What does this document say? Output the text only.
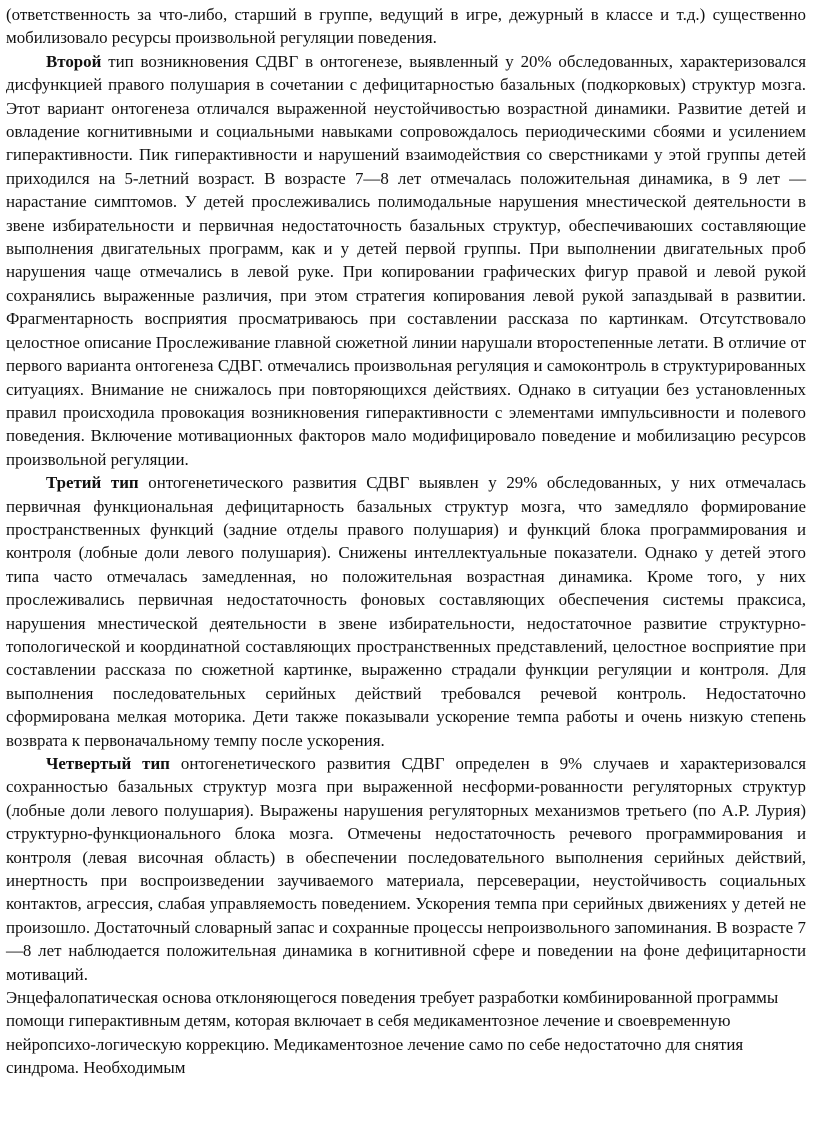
(ответственность за что-либо, старший в группе, ведущий в игре, дежурный в классе и т.д.) существенно мобилизовало ресурсы произвольной регуляции поведения.

Второй тип возникновения СДВГ в онтогенезе, выявленный у 20% обследованных, характеризовался дисфункцией правого полушария в сочетании с дефицитарностью базальных (подкорковых) структур мозга. Этот вариант онтогенеза отличался выраженной неустойчивостью возрастной динамики. Развитие детей и овладение когнитивными и социальными навыками сопровождалось периодическими сбоями и усилением гиперактивности. Пик гиперактивности и нарушений взаимодействия со сверстниками у этой группы детей приходился на 5-летний возраст. В возрасте 7—8 лет отмечалась положительная динамика, в 9 лет — нарастание симптомов. У детей прослеживались полимодальные нарушения мнестической деятельности в звене избирательности и первичная недостаточность базальных структур, обеспечиваюших составляющие выполнения двигательных программ, как и у детей первой группы. При выполнении двигательных проб нарушения чаще отмечались в левой руке. При копировании графических фигур правой и левой рукой сохранялись выраженные различия, при этом стратегия копирования левой рукой запаздывай в развитии. Фрагментарность восприятия просматриваюсь при составлении рассказа по картинкам. Отсутствовало целостное описание Прослеживание главной сюжетной линии нарушали второстепенные летати. В отличие от первого варианта онтогенеза СДВГ. отмечались произвольная регуляция и самоконтроль в структурированных ситуациях. Внимание не снижалось при повторяющихся действиях. Однако в ситуации без установленных правил происходила провокация возникновения гиперактивности с элементами импульсивности и полевого поведения. Включение мотивационных факторов мало модифицировало поведение и мобилизацию ресурсов произвольной регуляции.

Третий тип онтогенетического развития СДВГ выявлен у 29% обследованных, у них отмечалась первичная функциональная дефицитарность базальных структур мозга, что замедляло формирование пространственных функций (задние отделы правого полушария) и функций блока программирования и контроля (лобные доли левого полушария). Снижены интеллектуальные показатели. Однако у детей этого типа часто отмечалась замедленная, но положительная возрастная динамика. Кроме того, у них прослеживались первичная недостаточность фоновых составляющих обеспечения системы праксиса, нарушения мнестической деятельности в звене избирательности, недостаточное развитие структурно-топологической и координатной составляющих пространственных представлений, целостное восприятие при составлении рассказа по сюжетной картинке, выраженно страдали функции регуляции и контроля. Для выполнения последовательных серийных действий требовался речевой контроль. Недостаточно сформирована мелкая моторика. Дети также показывали ускорение темпа работы и очень низкую степень возврата к первоначальному темпу после ускорения.

Четвертый тип онтогенетического развития СДВГ определен в 9% случаев и характеризовался сохранностью базальных структур мозга при выраженной несформи-рованности регуляторных структур (лобные доли левого полушария). Выражены нарушения регуляторных механизмов третьего (по А.Р. Лурия) структурно-функционального блока мозга. Отмечены недостаточность речевого программирования и контроля (левая височная область) в обеспечении последовательного выполнения серийных действий, инертность при воспроизведении заучиваемого материала, персеверации, неустойчивость социальных контактов, агрессия, слабая управляемость поведением. Ускорения темпа при серийных движениях у детей не произошло. Достаточный словарный запас и сохранные процессы непроизвольного запоминания. В возрасте 7—8 лет наблюдается положительная динамика в когнитивной сфере и поведении на фоне дефицитарности мотиваций.

Энцефалопатическая основа отклоняющегося поведения требует разработки комбинированной программы помощи гиперактивным детям, которая включает в себя медикаментозное лечение и своевременную нейропсихо-логическую коррекцию. Медикаментозное лечение само по себе недостаточно для снятия синдрома. Необходимым
